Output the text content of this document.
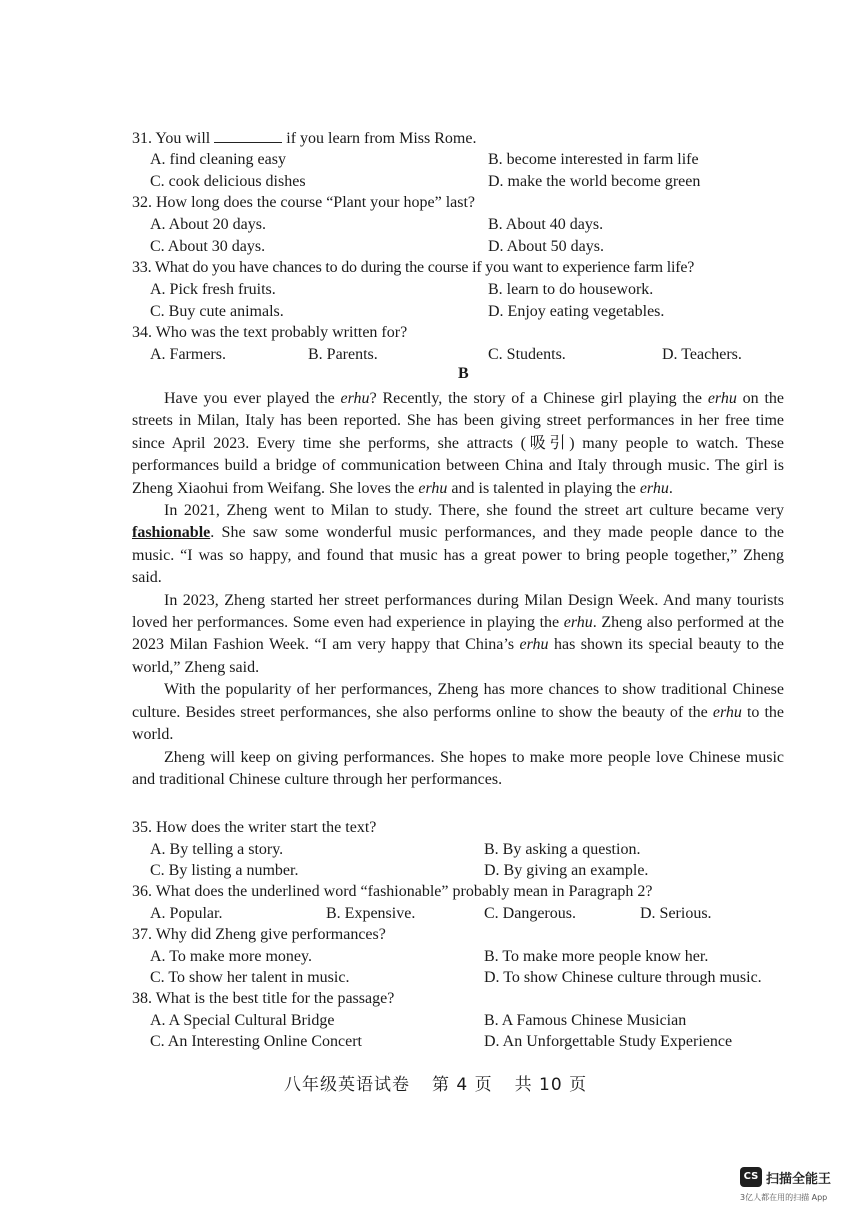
31. You will	if you learn from Miss Rome.
A. find cleaning easy	B. become interested in farm life
C. cook delicious dishes	D. make the world become green
32. How long does the course “Plant your hope” last?
A. About 20 days.	B. About 40 days.
C. About 30 days.	D. About 50 days.
33. What do you have chances to do during the course if you want to experience farm life?
A. Pick fresh fruits.	B. learn to do housework.
C. Buy cute animals.	D. Enjoy eating vegetables.
34. Who was the text probably written for?
A. Farmers.	B. Parents.	C. Students.	D. Teachers.
B

Have you ever played the erhu? Recently, the story of a Chinese girl playing the erhu on the streets in Milan, Italy has been reported. She has been giving street performances in her free time since April 2023. Every time she performs, she attracts (吸引) many people to watch. These performances build a bridge of communication between China and Italy through music. The girl is Zheng Xiaohui from Weifang. She loves the erhu and is talented in playing the erhu.

In 2021, Zheng went to Milan to study. There, she found the street art culture became very fashionable. She saw some wonderful music performances, and they made people dance to the music. “I was so happy, and found that music has a great power to bring people together,” Zheng said.

In 2023, Zheng started her street performances during Milan Design Week. And many tourists loved her performances. Some even had experience in playing the erhu. Zheng also performed at the 2023 Milan Fashion Week. “I am very happy that China’s erhu has shown its special beauty to the world,” Zheng said.

With the popularity of her performances, Zheng has more chances to show traditional Chinese culture. Besides street performances, she also performs online to show the beauty of the erhu to the world.

Zheng will keep on giving performances. She hopes to make more people love Chinese music and traditional Chinese culture through her performances.

35. How does the writer start the text?
A. By telling a story.	B. By asking a question.
C. By listing a number.	D. By giving an example.
36. What does the underlined word “fashionable” probably mean in Paragraph 2?
A. Popular.	B. Expensive.	C. Dangerous.	D. Serious.
37. Why did Zheng give performances?
A. To make more money.	B. To make more people know her.
C. To show her talent in music.	D. To show Chinese culture through music.
38. What is the best title for the passage?
A. A Special Cultural Bridge	B. A Famous Chinese Musician
C. An Interesting Online Concert	D. An Unforgettable Study Experience
八年级英语试卷 第 4 页 共 10 页
CS 扫描全能王
3亿人都在用的扫描 App
